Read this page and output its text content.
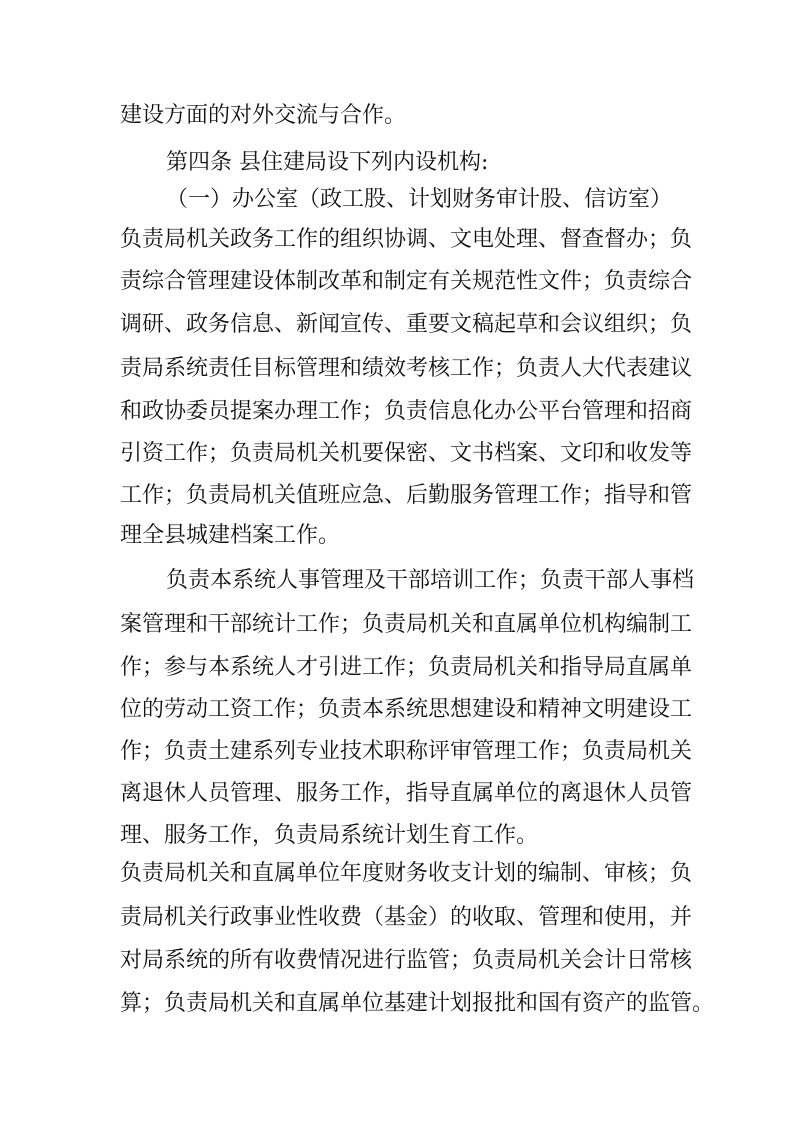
建设方面的对外交流与合作。
第四条 县住建局设下列内设机构:
（一）办公室（政工股、计划财务审计股、信访室）
负责局机关政务工作的组织协调、文电处理、督查督办；负
责综合管理建设体制改革和制定有关规范性文件；负责综合
调研、政务信息、新闻宣传、重要文稿起草和会议组织；负
责局系统责任目标管理和绩效考核工作；负责人大代表建议
和政协委员提案办理工作；负责信息化办公平台管理和招商
引资工作；负责局机关机要保密、文书档案、文印和收发等
工作；负责局机关值班应急、后勤服务管理工作；指导和管
理全县城建档案工作。
负责本系统人事管理及干部培训工作；负责干部人事档
案管理和干部统计工作；负责局机关和直属单位机构编制工
作；参与本系统人才引进工作；负责局机关和指导局直属单
位的劳动工资工作；负责本系统思想建设和精神文明建设工
作；负责土建系列专业技术职称评审管理工作；负责局机关
离退休人员管理、服务工作，指导直属单位的离退休人员管
理、服务工作，负责局系统计划生育工作。
负责局机关和直属单位年度财务收支计划的编制、审核；负
责局机关行政事业性收费（基金）的收取、管理和使用，并
对局系统的所有收费情况进行监管；负责局机关会计日常核
算；负责局机关和直属单位基建计划报批和国有资产的监管。
